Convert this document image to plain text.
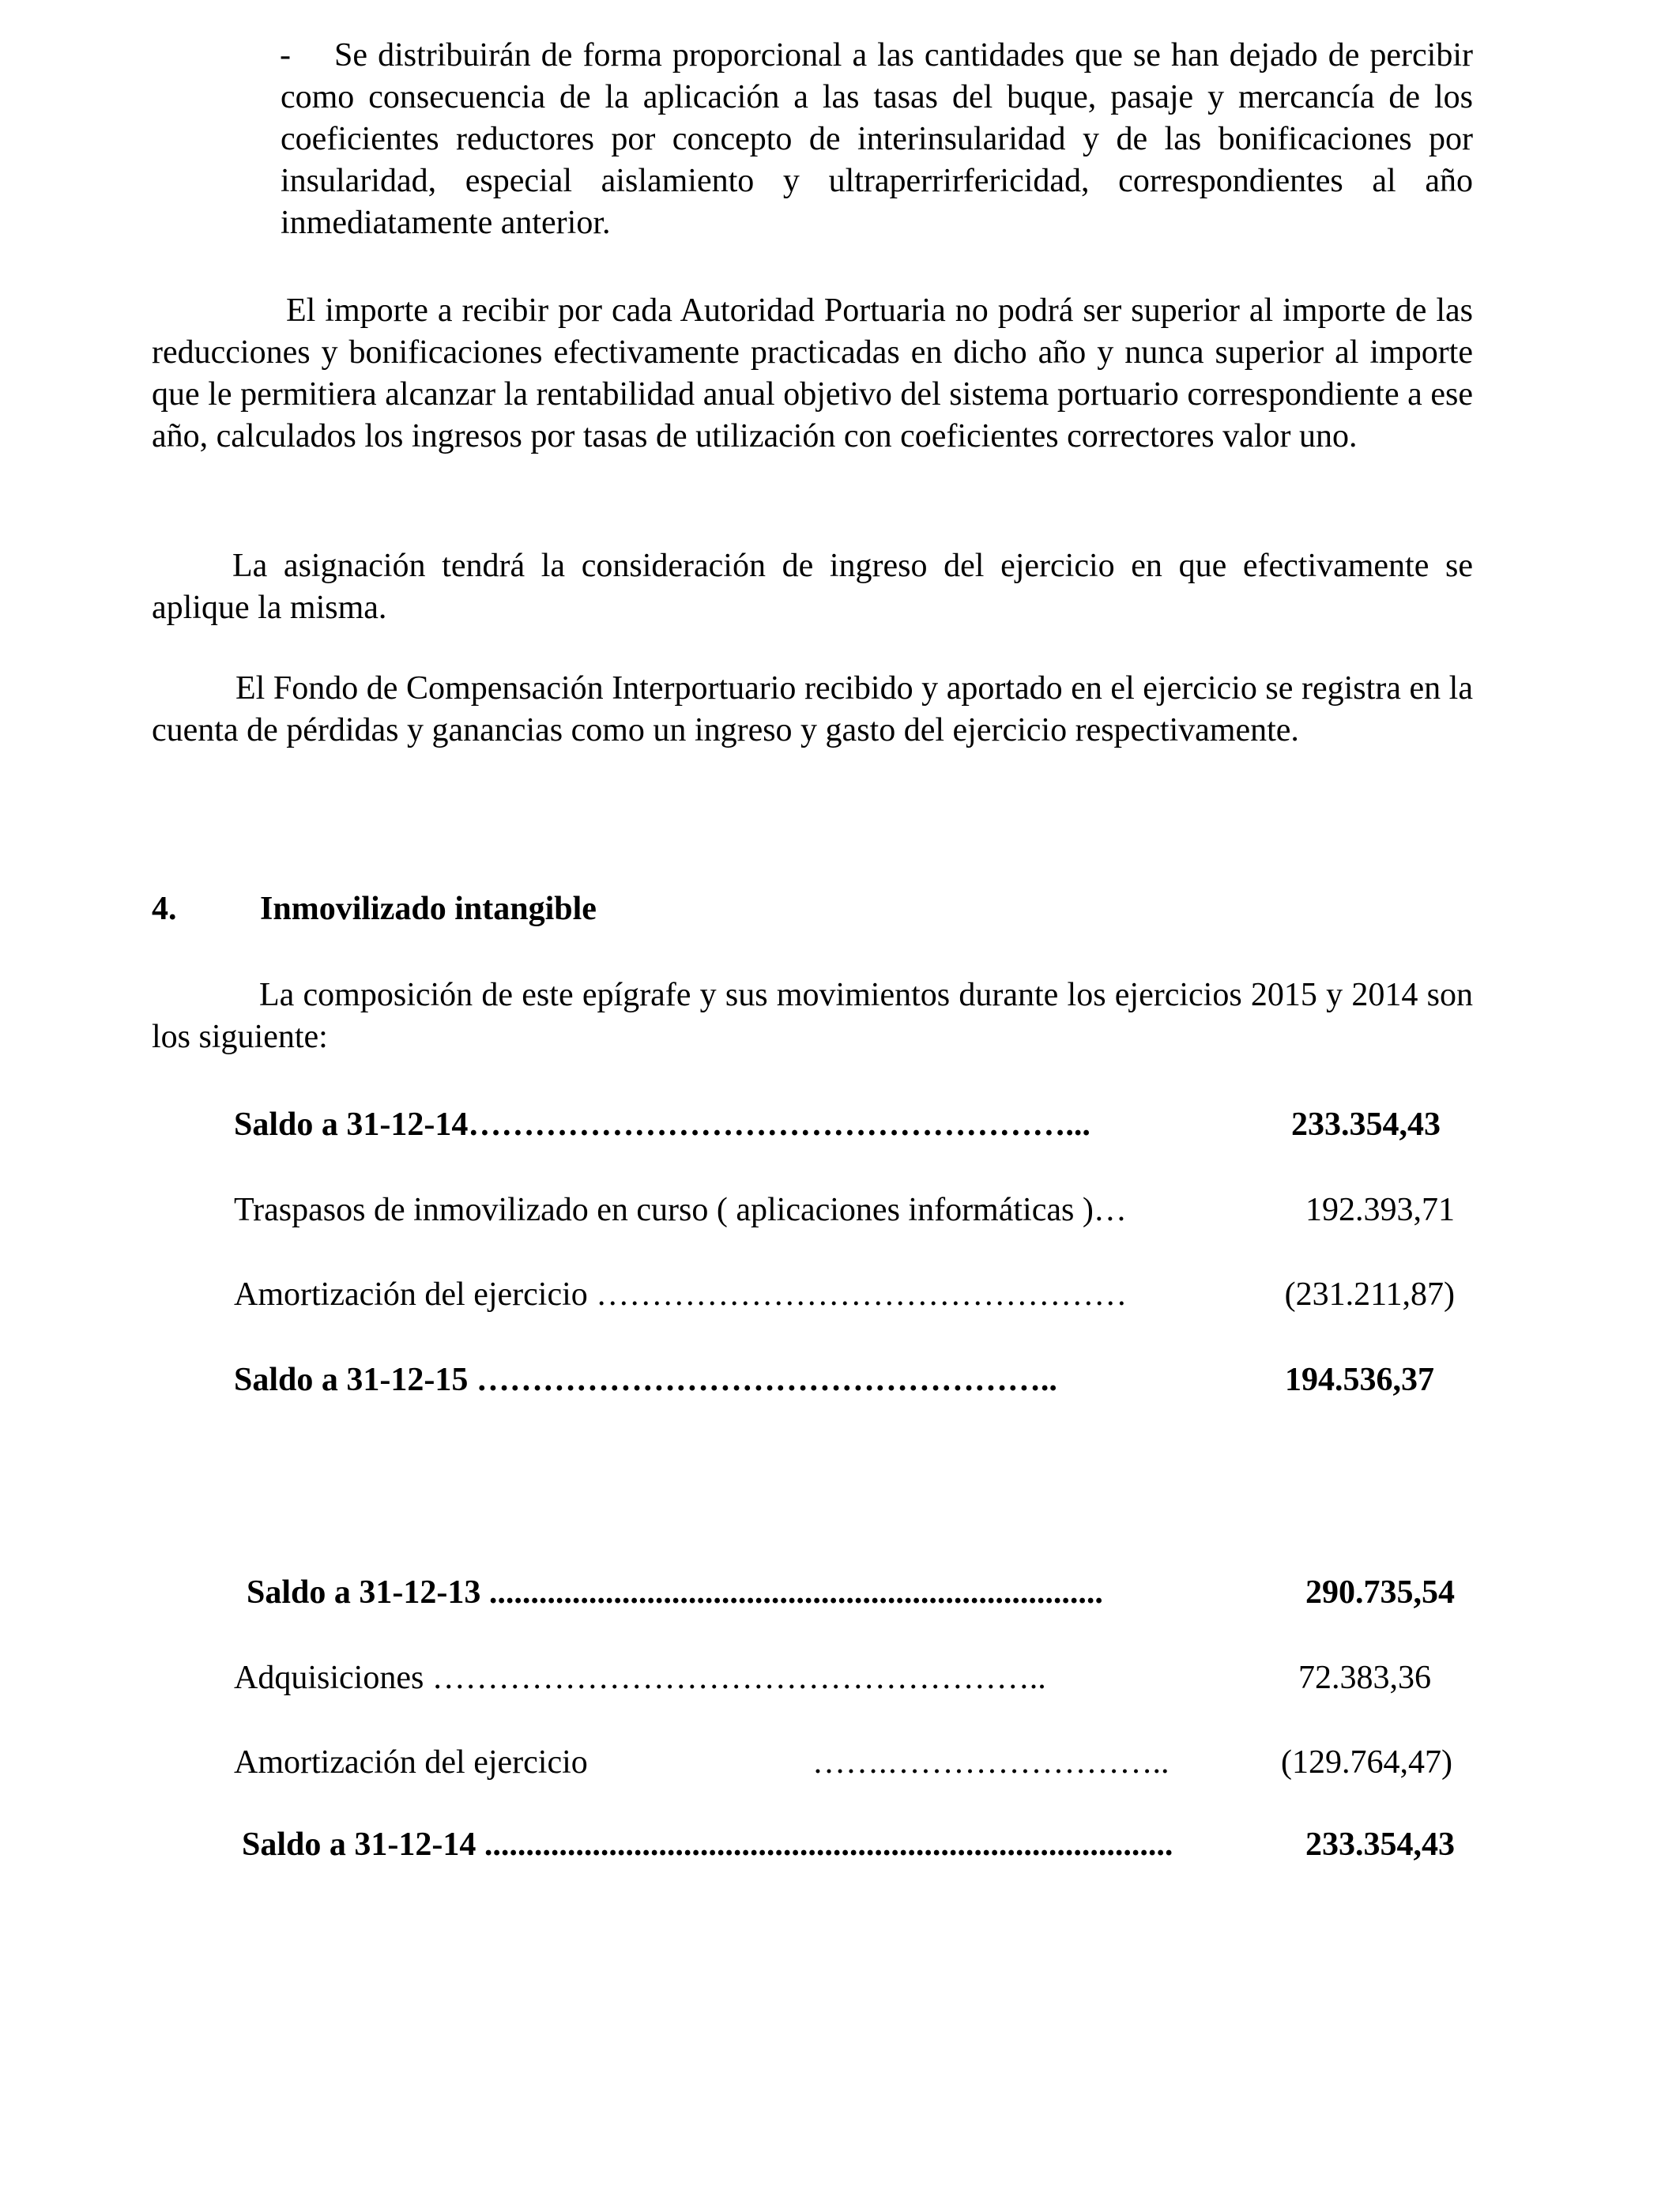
-	Se distribuirán de forma proporcional a las cantidades que se han dejado de percibir como consecuencia de la aplicación a las tasas del buque, pasaje y mercancía de los coeficientes reductores por concepto de interinsularidad y de las bonificaciones por insularidad, especial aislamiento y ultraperrirfericidad, correspondientes al año inmediatamente anterior.

El importe a recibir por cada Autoridad Portuaria no podrá ser superior al importe de las reducciones y bonificaciones efectivamente practicadas en dicho año y nunca superior al importe que le permitiera alcanzar la rentabilidad anual objetivo del sistema portuario correspondiente a ese año, calculados los ingresos por tasas de utilización con coeficientes correctores valor uno.

La asignación tendrá la consideración de ingreso del ejercicio en que efectivamente se aplique la misma.

El Fondo de Compensación Interportuario recibido y aportado en el ejercicio se registra en la cuenta de pérdidas y ganancias como un ingreso y gasto del ejercicio respectivamente.

4.	Inmovilizado intangible

La composición de este epígrafe y sus movimientos durante los ejercicios 2015 y 2014 son los siguiente:

Saldo a 31-12-14………………………………………………...	233.354,43
Traspasos de inmovilizado en curso ( aplicaciones informáticas )…	192.393,71
Amortización del ejercicio …………………………………………	(231.211,87)
Saldo a 31-12-15 ……………………………………………..	194.536,37
Saldo a 31-12-13 ..........................................................................	290.735,54
Adquisiciones ………………………………………………..	72.383,36
Amortización del ejercicio	…….……………………..	(129.764,47)
Saldo a 31-12-14 ...................................................................................	233.354,43
